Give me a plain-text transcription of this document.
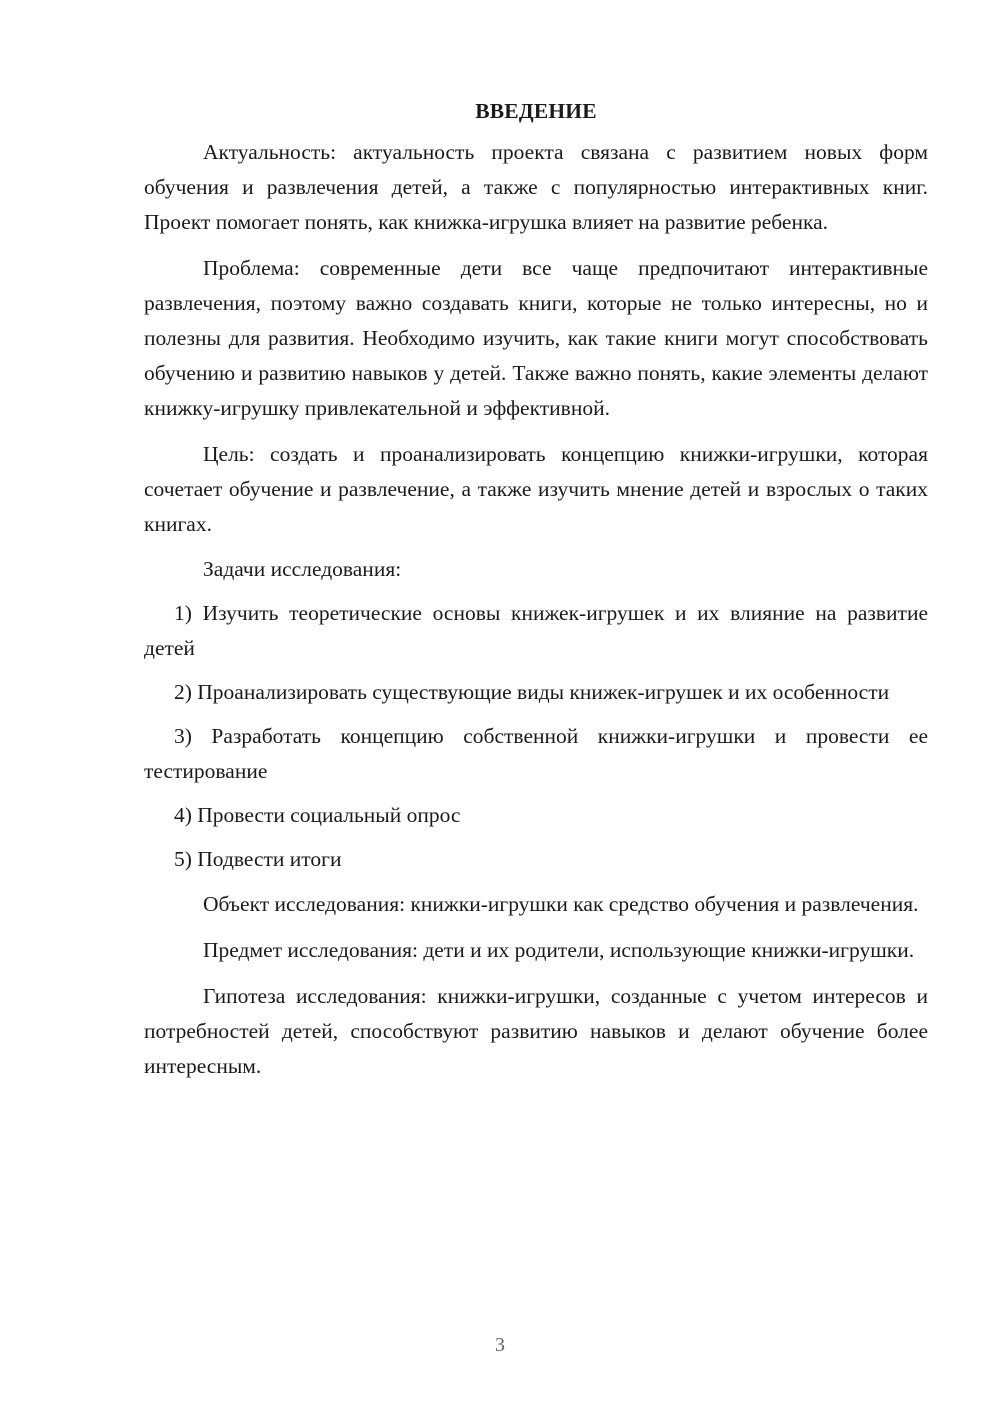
ВВЕДЕНИЕ

Актуальность: актуальность проекта связана с развитием новых форм обучения и развлечения детей, а также с популярностью интерактивных книг. Проект помогает понять, как книжка-игрушка влияет на развитие ребенка.

Проблема: современные дети все чаще предпочитают интерактивные развлечения, поэтому важно создавать книги, которые не только интересны, но и полезны для развития. Необходимо изучить, как такие книги могут способствовать обучению и развитию навыков у детей. Также важно понять, какие элементы делают книжку-игрушку привлекательной и эффективной.

Цель: создать и проанализировать концепцию книжки-игрушки, которая сочетает обучение и развлечение, а также изучить мнение детей и взрослых о таких книгах.

Задачи исследования:

1) Изучить теоретические основы книжек-игрушек и их влияние на развитие детей

2) Проанализировать существующие виды книжек-игрушек и их особенности

3) Разработать концепцию собственной книжки-игрушки и провести ее тестирование

4) Провести социальный опрос

5) Подвести итоги

Объект исследования: книжки-игрушки как средство обучения и развлечения.

Предмет исследования: дети и их родители, использующие книжки-игрушки.

Гипотеза исследования: книжки-игрушки, созданные с учетом интересов и потребностей детей, способствуют развитию навыков и делают обучение более интересным.

3
